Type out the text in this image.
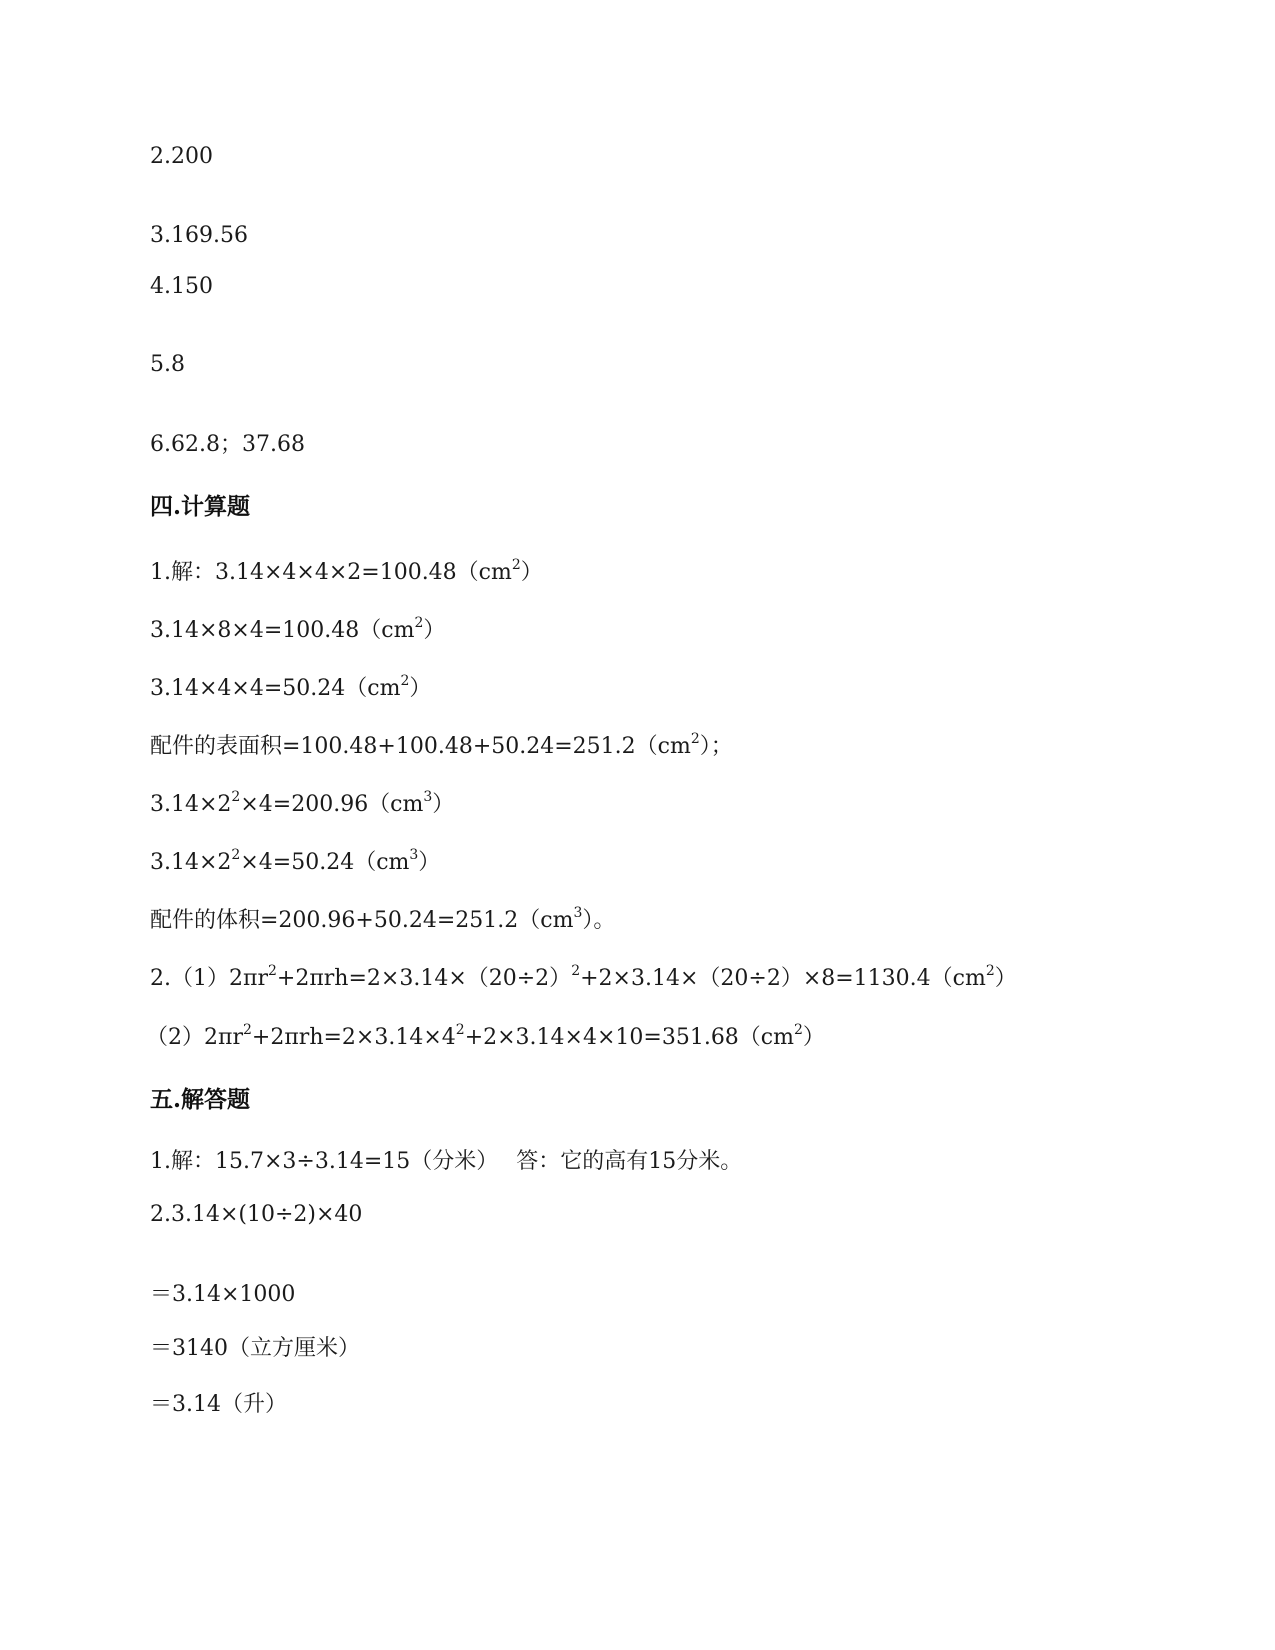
2.200

3.169.56

4.150

5.8

6.62.8；37.68

四.计算题

1.解：$3.14\times 4\times 4\times 2=100.48(cm^2)$

$3.14\times 8\times 4=100.48(cm^2)$

$3.14\times 4\times 4=50.24(cm^2)$

配件的表面积$=100.48+100.48+50.24=251.2(cm^2)$；

$3.14\times 2^2\times 4=200.96(cm^3)$

$3.14\times 2^2\times 4=50.24(cm^3)$

配件的体积$=200.96+50.24=251.2(cm^3)$。

$2.(1)2\pi r^2+2\pi rh=2\times 3.14\times(20\div 2)^2+2\times 3.14\times(20\div 2)\times 8=1130.4(cm^2)$

$(2)2\pi r^2+2\pi rh=2\times 3.14\times 4^2+2\times 3.14\times 4\times 10=351.68(cm^2)$

五.解答题

1.解：15.7×3÷3.14=15（分米）　 答：它的高有15分米。

2.3.14×(10÷2)×40

＝3.14×1000

＝3140（立方厘米）

＝3.14（升）
